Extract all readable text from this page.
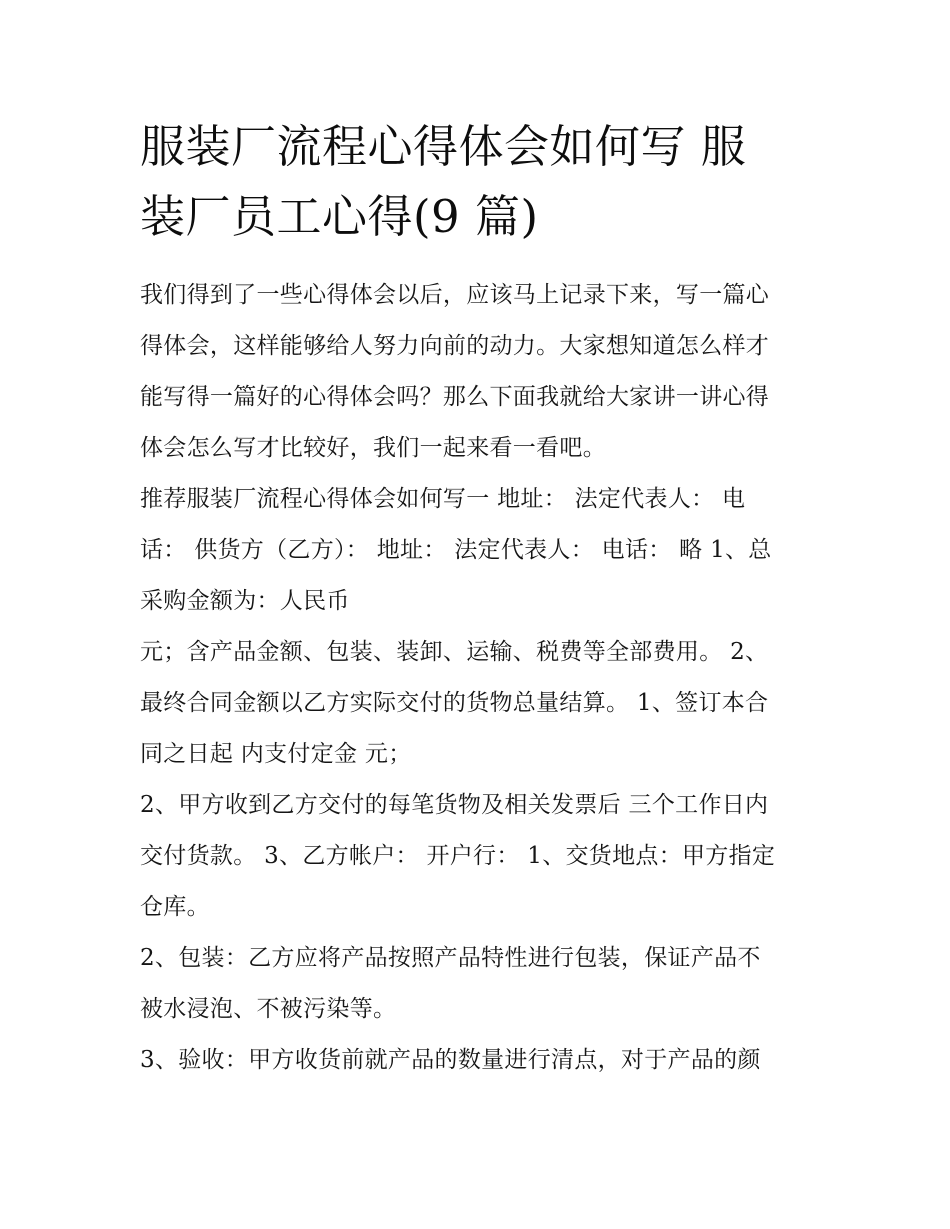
服装厂流程心得体会如何写 服
装厂员工心得(9 篇)

我们得到了一些心得体会以后，应该马上记录下来，写一篇心
得体会，这样能够给人努力向前的动力。大家想知道怎么样才
能写得一篇好的心得体会吗？那么下面我就给大家讲一讲心得
体会怎么写才比较好，我们一起来看一看吧。

推荐服装厂流程心得体会如何写一 地址： 法定代表人： 电
话： 供货方（乙方）： 地址： 法定代表人： 电话： 略 1、总
采购金额为：人民币

元；含产品金额、包装、装卸、运输、税费等全部费用。 2、
最终合同金额以乙方实际交付的货物总量结算。 1、签订本合
同之日起 内支付定金 元；

2、甲方收到乙方交付的每笔货物及相关发票后 三个工作日内
交付货款。 3、乙方帐户： 开户行： 1、交货地点：甲方指定
仓库。

2、包装：乙方应将产品按照产品特性进行包装，保证产品不
被水浸泡、不被污染等。

3、验收：甲方收货前就产品的数量进行清点，对于产品的颜
